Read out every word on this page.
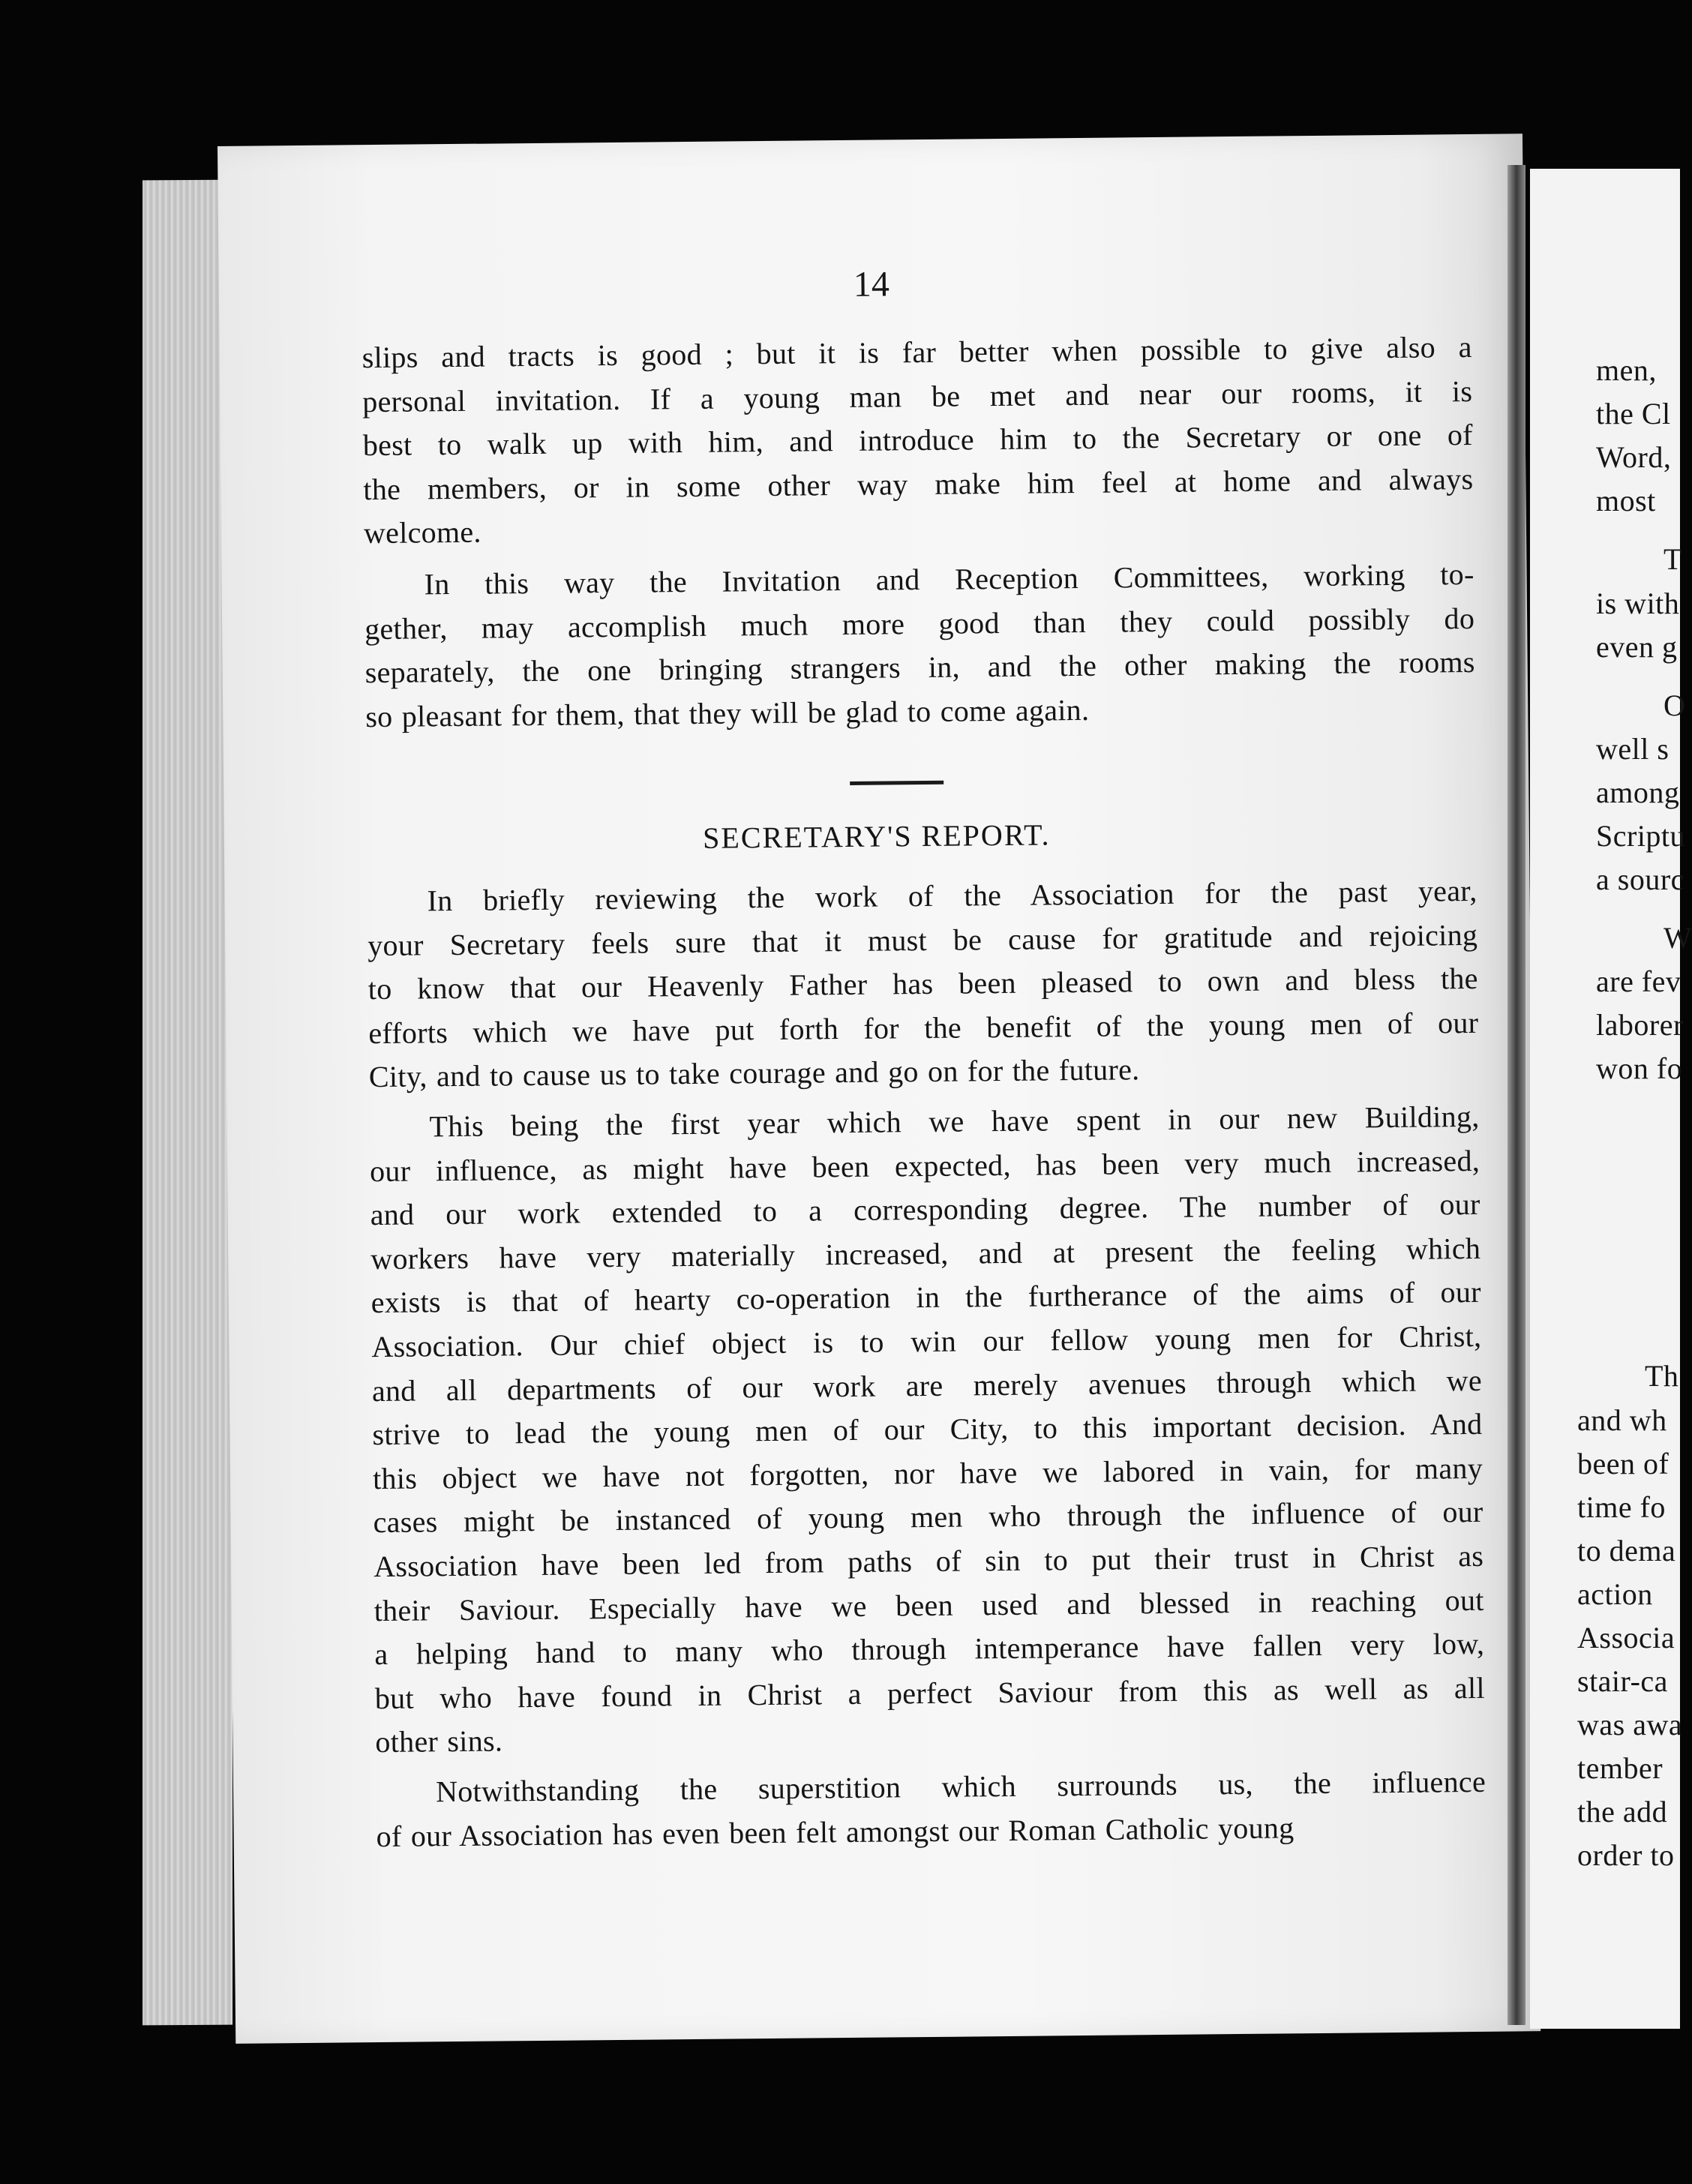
14
slips and tracts is good ; but it is far better when possible to give also a
personal invitation. If a young man be met and near our rooms, it is
best to walk up with him, and introduce him to the Secretary or one of
the members, or in some other way make him feel at home and always
welcome.
In this way the Invitation and Reception Committees, working to-
gether, may accomplish much more good than they could possibly do
separately, the one bringing strangers in, and the other making the rooms
so pleasant for them, that they will be glad to come again.
SECRETARY'S REPORT.
In briefly reviewing the work of the Association for the past year,
your Secretary feels sure that it must be cause for gratitude and rejoicing
to know that our Heavenly Father has been pleased to own and bless the
efforts which we have put forth for the benefit of the young men of our
City, and to cause us to take courage and go on for the future.
This being the first year which we have spent in our new Building,
our influence, as might have been expected, has been very much increased,
and our work extended to a corresponding degree. The number of our
workers have very materially increased, and at present the feeling which
exists is that of hearty co-operation in the furtherance of the aims of our
Association. Our chief object is to win our fellow young men for Christ,
and all departments of our work are merely avenues through which we
strive to lead the young men of our City, to this important decision. And
this object we have not forgotten, nor have we labored in vain, for many
cases might be instanced of young men who through the influence of our
Association have been led from paths of sin to put their trust in Christ as
their Saviour. Especially have we been used and blessed in reaching out
a helping hand to many who through intemperance have fallen very low,
but who have found in Christ a perfect Saviour from this as well as all
other sins.
Notwithstanding the superstition which surrounds us, the influence
of our Association has even been felt amongst our Roman Catholic young
men,
the Cl
Word,
most
T
is with
even g
O
well s
among
Scriptu
a sourc
W
are fev
laborer
won fo
Th
and wh
been of
time fo
to dema
action
Associa
stair-ca
was awa
tember
the add
order to
